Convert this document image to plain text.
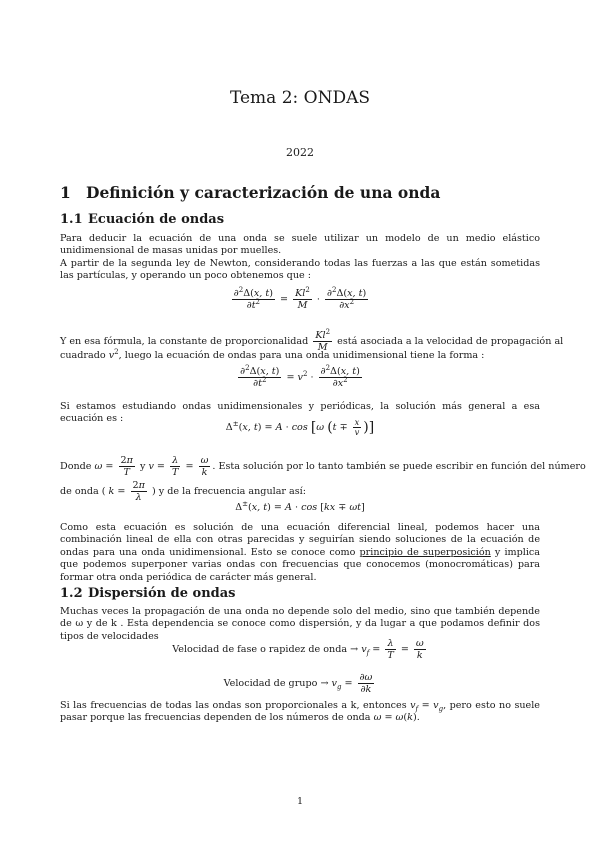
Tema 2: ONDAS
2022
1 Definición y caracterización de una onda
1.1 Ecuación de ondas
Para deducir la ecuación de una onda se suele utilizar un modelo de un medio elástico unidimensional de masas unidas por muelles.
A partir de la segunda ley de Newton, considerando todas las fuerzas a las que están sometidas las partículas, y operando un poco obtenemos que :
$\frac{\partial^2\Delta(x, t)}{\partial t^2} = \frac{Kl^2}{M} \cdot \frac{\partial^2\Delta(x, t)}{\partial x^2}$
Y en esa fórmula, la constante de proporcionalidad $\frac{Kl^2}{M}$ está asociada a la velocidad de propagación al
cuadrado $v^2$, luego la ecuación de ondas para una onda unidimensional tiene la forma :
$\frac{\partial^2\Delta(x, t)}{\partial t^2} = v^2 \cdot \frac{\partial^2\Delta(x, t)}{\partial x^2}$
Si estamos estudiando ondas unidimensionales y periódicas, la solución más general a esa ecuación es :
Δ±(x, t) = A · cos [ω ($t \mp \frac{x}{v}$ )]
Donde $\omega = \frac{2\pi}{T}$ y $v = \frac{\lambda}{T} = \frac{\omega}{k}$ . Esta solución por lo tanto también se puede escribir en función del número
de onda ( $k = \frac{2\pi}{\lambda}$ ) y de la frecuencia angular así:
Δ±(x, t) = A · cos [kx ∓ ωt]
Como esta ecuación es solución de una ecuación diferencial lineal, podemos hacer una combinación lineal de ella con otras parecidas y seguirían siendo soluciones de la ecuación de ondas para una onda unidimensional. Esto se conoce como principio de superposición y implica que podemos superponer varias ondas con frecuencias que conocemos (monocromáticas) para formar otra onda periódica de carácter más general.
1.2 Dispersión de ondas
Muchas veces la propagación de una onda no depende solo del medio, sino que también depende de ω y de k . Esta dependencia se conoce como dispersión, y da lugar a que podamos definir dos tipos de velocidades
Velocidad de fase o rapidez de onda → $v_f = \frac{\lambda}{T} = \frac{\omega}{k}$
Velocidad de grupo → $v_g = \frac{\partial\omega}{\partial k}$
Si las frecuencias de todas las ondas son proporcionales a k, entonces $v_f = v_g$, pero esto no suele pasar porque las frecuencias dependen de los números de onda ω = ω(k).
1
